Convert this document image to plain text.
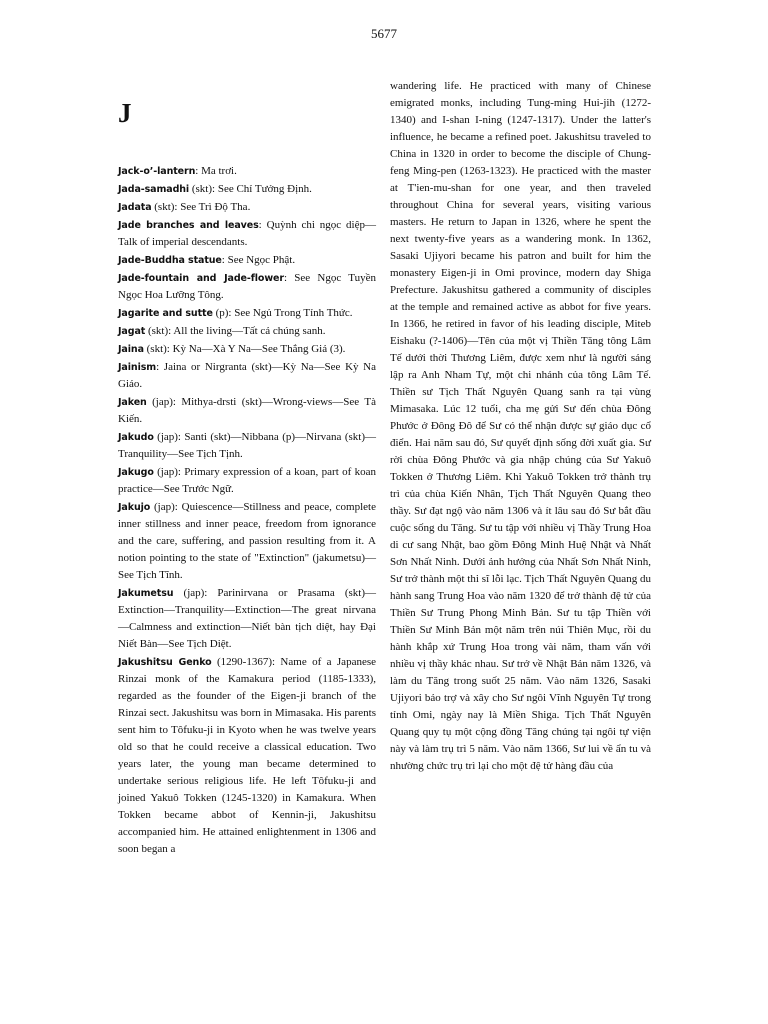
5677
J

Jack-o’-lantern: Ma trơi.

Jada-samadhi (skt): See Chỉ Tưởng Định.

Jadata (skt): See Trì Độ Tha.

Jade branches and leaves: Quỳnh chi ngọc diệp—Talk of imperial descendants.

Jade-Buddha statue: See Ngọc Phật.

Jade-fountain and Jade-flower: See Ngọc Tuyền Ngọc Hoa Lưỡng Tông.

Jagarite and sutte (p): See Ngủ Trong Tỉnh Thức.

Jagat (skt): All the living—Tất cả chúng sanh.

Jaina (skt): Kỳ Na—Xà Y Na—See Thắng Giả (3).

Jainism: Jaina or Nirgranta (skt)—Kỳ Na—See Kỳ Na Giáo.

Jaken (jap): Mithya-drsti (skt)—Wrong-views—See Tà Kiến.

Jakudo (jap): Santi (skt)—Nibbana (p)—Nirvana (skt)—Tranquility—See Tịch Tịnh.

Jakugo (jap): Primary expression of a koan, part of koan practice—See Trước Ngữ.

Jakujo (jap): Quiescence—Stillness and peace, complete inner stillness and inner peace, freedom from ignorance and the care, suffering, and passion resulting from it. A notion pointing to the state of "Extinction" (jakumetsu)—See Tịch Tĩnh.

Jakumetsu (jap): Parinirvana or Prasama (skt)—Extinction—Tranquility—Extinction—The great nirvana—Calmness and extinction—Niết bàn tịch diệt, hay Đại Niết Bàn—See Tịch Diệt.

Jakushitsu Genko (1290-1367): Name of a Japanese Rinzai monk of the Kamakura period (1185-1333), regarded as the founder of the Eigen-ji branch of the Rinzai sect. Jakushitsu was born in Mimasaka. His parents sent him to Tôfuku-ji in Kyoto when he was twelve years old so that he could receive a classical education. Two years later, the young man became determined to undertake serious religious life. He left Tôfuku-ji and joined Yakuô Tokken (1245-1320) in Kamakura. When Tokken became abbot of Kennin-ji, Jakushitsu accompanied him. He attained enlightenment in 1306 and soon began a

wandering life. He practiced with many of Chinese emigrated monks, including Tung-ming Hui-jih (1272-1340) and I-shan I-ning (1247-1317). Under the latter's influence, he became a refined poet. Jakushitsu traveled to China in 1320 in order to become the disciple of Chung-feng Ming-pen (1263-1323). He practiced with the master at T'ien-mu-shan for one year, and then traveled throughout China for several years, visiting various masters. He return to Japan in 1326, where he spent the next twenty-five years as a wandering monk. In 1362, Sasaki Ujiyori became his patron and built for him the monastery Eigen-ji in Omi province, modern day Shiga Prefecture. Jakushitsu gathered a community of disciples at the temple and remained active as abbot for five years. In 1366, he retired in favor of his leading disciple, Miteb Eishaku (?-1406)—Tên của một vị Thiền Tăng tông Lâm Tế dưới thời Thương Liêm, được xem như là người sáng lập ra Anh Nham Tự, một chi nhánh của tông Lâm Tế. Thiền sư Tịch Thất Nguyên Quang sanh ra tại vùng Mimasaka. Lúc 12 tuổi, cha mẹ gửi Sư đến chùa Đông Phước ở Đông Đô để Sư có thể nhận được sự giáo dục cổ điển. Hai năm sau đó, Sư quyết định sống đời xuất gia. Sư rời chùa Đông Phước và gia nhập chúng của Sư Yakuô Tokken ở Thương Liêm. Khi Yakuô Tokken trở thành trụ trì của chùa Kiến Nhân, Tịch Thất Nguyên Quang theo thầy. Sư đạt ngộ vào năm 1306 và ít lâu sau đó Sư bắt đầu cuộc sống du Tăng. Sư tu tập với nhiều vị Thầy Trung Hoa di cư sang Nhật, bao gồm Đông Minh Huệ Nhật và Nhất Sơn Nhất Ninh. Dưới ảnh hưởng của Nhất Sơn Nhất Ninh, Sư trở thành một thi sĩ lỗi lạc. Tịch Thất Nguyên Quang du hành sang Trung Hoa vào năm 1320 để trở thành đệ tử của Thiền Sư Trung Phong Minh Bản. Sư tu tập Thiền với Thiền Sư Minh Bản một năm trên núi Thiên Mục, rồi du hành khắp xứ Trung Hoa trong vài năm, tham vấn với nhiều vị thầy khác nhau. Sư trở về Nhật Bản năm 1326, và làm du Tăng trong suốt 25 năm. Vào năm 1326, Sasaki Ujiyori bảo trợ và xây cho Sư ngôi Vĩnh Nguyên Tự trong tỉnh Omi, ngày nay là Miền Shiga. Tịch Thất Nguyên Quang quy tụ một cộng đồng Tăng chúng tại ngôi tự viện này và làm trụ trì 5 năm. Vào năm 1366, Sư lui về ẩn tu và nhường chức trụ trì lại cho một đệ tử hàng đầu của
